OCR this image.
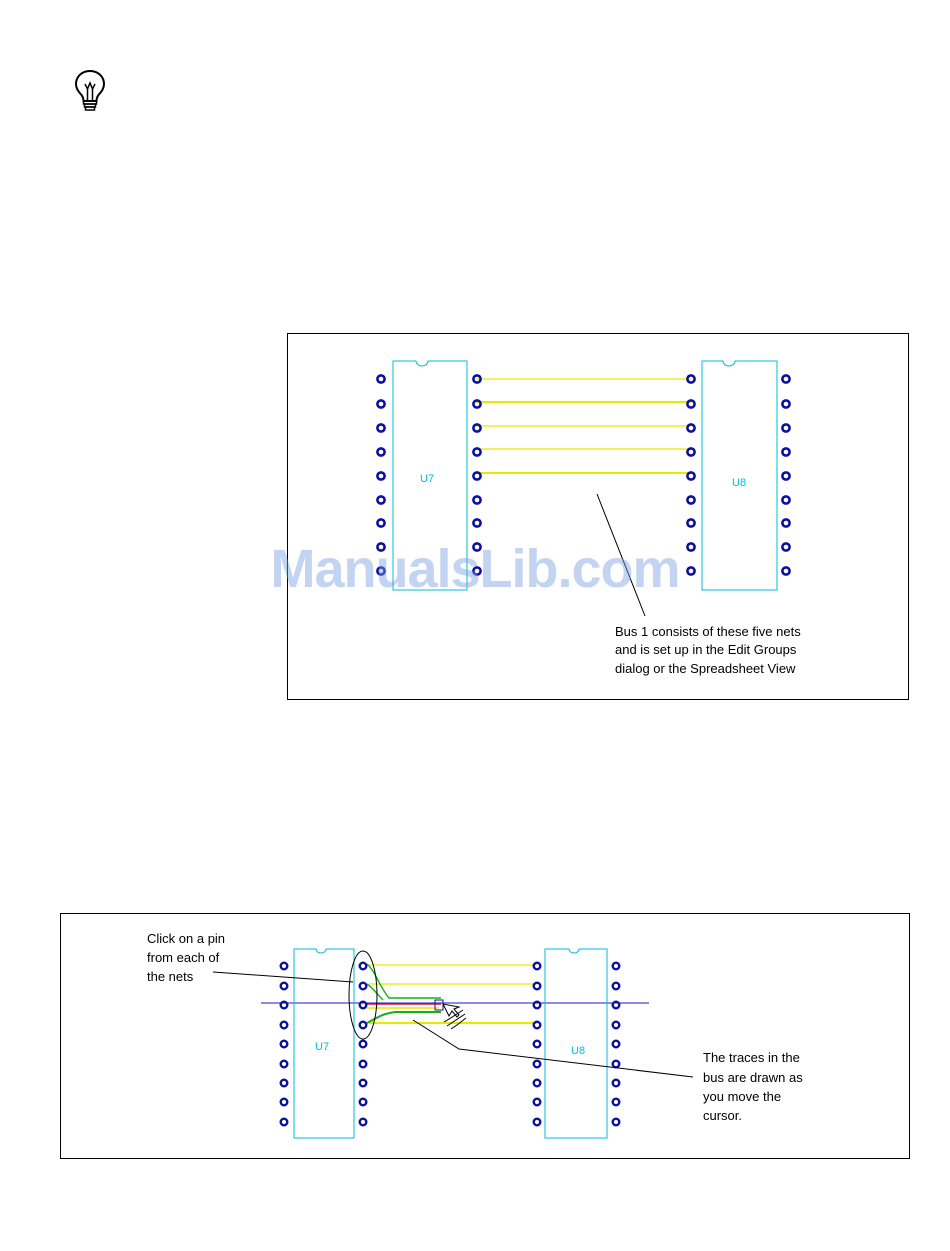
U7	U8
Bus 1 consists of these five nets
and is set up in the Edit Groups
dialog or the Spreadsheet View
U7	U8
Click on a pin
from each of
the nets
The traces in the
bus are drawn as
you move the
cursor.
ManualsLib.com
